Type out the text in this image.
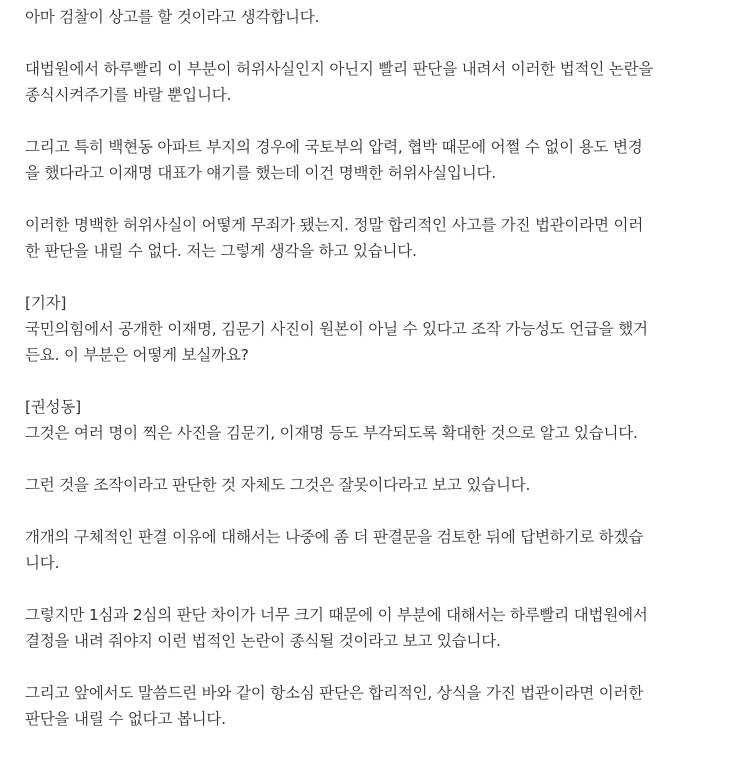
아마 검찰이 상고를 할 것이라고 생각합니다.

대법원에서 하루빨리 이 부분이 허위사실인지 아닌지 빨리 판단을 내려서 이러한 법적인 논란을
종식시켜주기를 바랄 뿐입니다.

그리고 특히 백현동 아파트 부지의 경우에 국토부의 압력, 협박 때문에 어쩔 수 없이 용도 변경
을 했다라고 이재명 대표가 얘기를 했는데 이건 명백한 허위사실입니다.

이러한 명백한 허위사실이 어떻게 무죄가 됐는지. 정말 합리적인 사고를 가진 법관이라면 이러
한 판단을 내릴 수 없다. 저는 그렇게 생각을 하고 있습니다.

[기자]
국민의힘에서 공개한 이재명, 김문기 사진이 원본이 아닐 수 있다고 조작 가능성도 언급을 했거
든요. 이 부분은 어떻게 보실까요?

[권성동]
그것은 여러 명이 찍은 사진을 김문기, 이재명 등도 부각되도록 확대한 것으로 알고 있습니다.

그런 것을 조작이라고 판단한 것 자체도 그것은 잘못이다라고 보고 있습니다.

개개의 구체적인 판결 이유에 대해서는 나중에 좀 더 판결문을 검토한 뒤에 답변하기로 하겠습
니다.

그렇지만 1심과 2심의 판단 차이가 너무 크기 때문에 이 부분에 대해서는 하루빨리 대법원에서
결정을 내려 줘야지 이런 법적인 논란이 종식될 것이라고 보고 있습니다.

그리고 앞에서도 말씀드린 바와 같이 항소심 판단은 합리적인, 상식을 가진 법관이라면 이러한
판단을 내릴 수 없다고 봅니다.
